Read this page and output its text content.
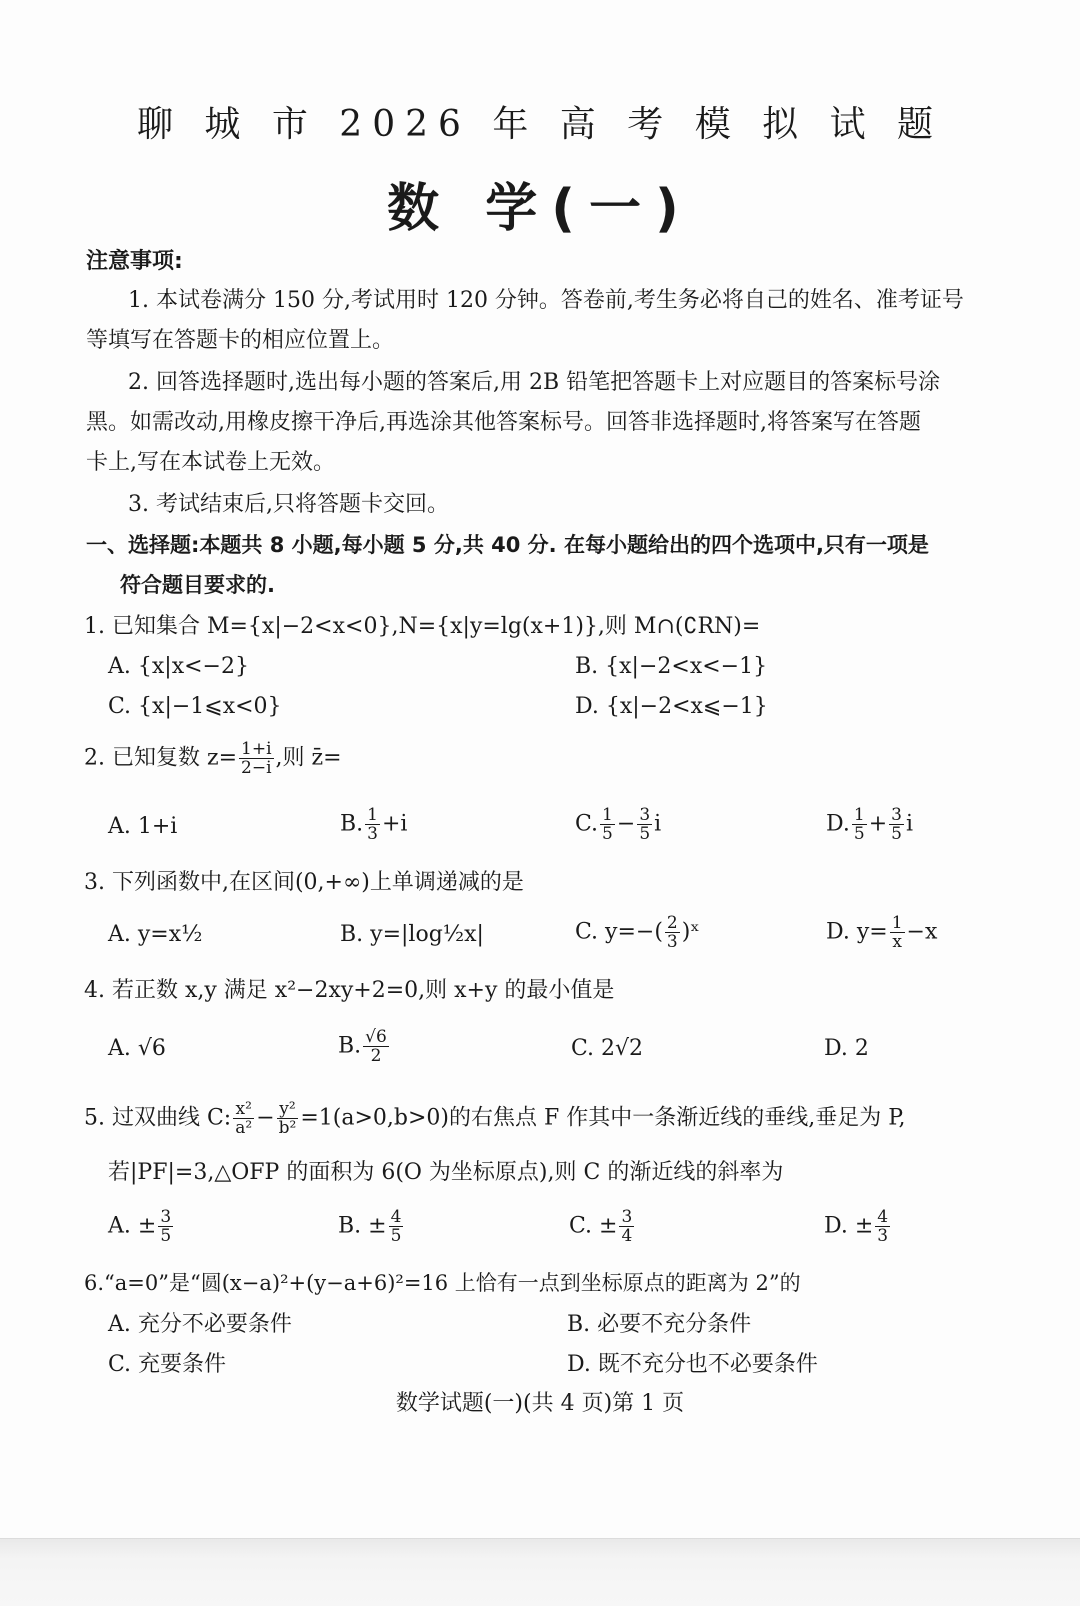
聊 城 市 2026 年 高 考 模 拟 试 题
数 学(一)
注意事项:
1. 本试卷满分 150 分,考试用时 120 分钟。答卷前,考生务必将自己的姓名、准考证号
等填写在答题卡的相应位置上。
2. 回答选择题时,选出每小题的答案后,用 2B 铅笔把答题卡上对应题目的答案标号涂
黑。如需改动,用橡皮擦干净后,再选涂其他答案标号。回答非选择题时,将答案写在答题
卡上,写在本试卷上无效。
3. 考试结束后,只将答题卡交回。
一、选择题:本题共 8 小题,每小题 5 分,共 40 分. 在每小题给出的四个选项中,只有一项是
符合题目要求的.
1. 已知集合 M={x|−2<x<0},N={x|y=lg(x+1)},则 M∩(∁RN)=
A. {x|x<−2}	B. {x|−2<x<−1}
C. {x|−1⩽x<0}	D. {x|−2<x⩽−1}
2. 已知复数 $z= \frac{1+i}{2-i}$ ,则 z̄=
A. 1+i	B. $\frac{1}{3} +i$	C. $\frac{1}{5} - \frac{3}{5}$ i	D. $\frac{1}{5} + \frac{3}{5}$ i
3. 下列函数中,在区间(0,+∞)上单调递减的是
A. y=x½	B. y=|log½x|	C. $y=-( \frac{2}{3}$ )ˣ	D. $y= \frac{1}{x} -x$
4. 若正数 x,y 满足 x²−2xy+2=0,则 x+y 的最小值是
A. √6	B. $\frac{√6}{2}$	C. 2√2	D. 2
5. 过双曲线 C: $\frac{\text{x²}}{\text{a²}} - \frac{\text{y²}}{\text{b²}} =1(a>0,b>0)$的右焦点 F 作其中一条渐近线的垂线,垂足为 P,
若|PF|=3,△OFP 的面积为 6(O 为坐标原点),则 C 的渐近线的斜率为
A. ± $\frac{3}{5}$	B. ± $\frac{4}{5}$	C. ± $\frac{3}{4}$	D. ± $\frac{4}{3}$
6.“a=0”是“圆(x−a)²+(y−a+6)²=16 上恰有一点到坐标原点的距离为 2”的
A. 充分不必要条件	B. 必要不充分条件
C. 充要条件	D. 既不充分也不必要条件
数学试题(一)(共 4 页)第 1 页
